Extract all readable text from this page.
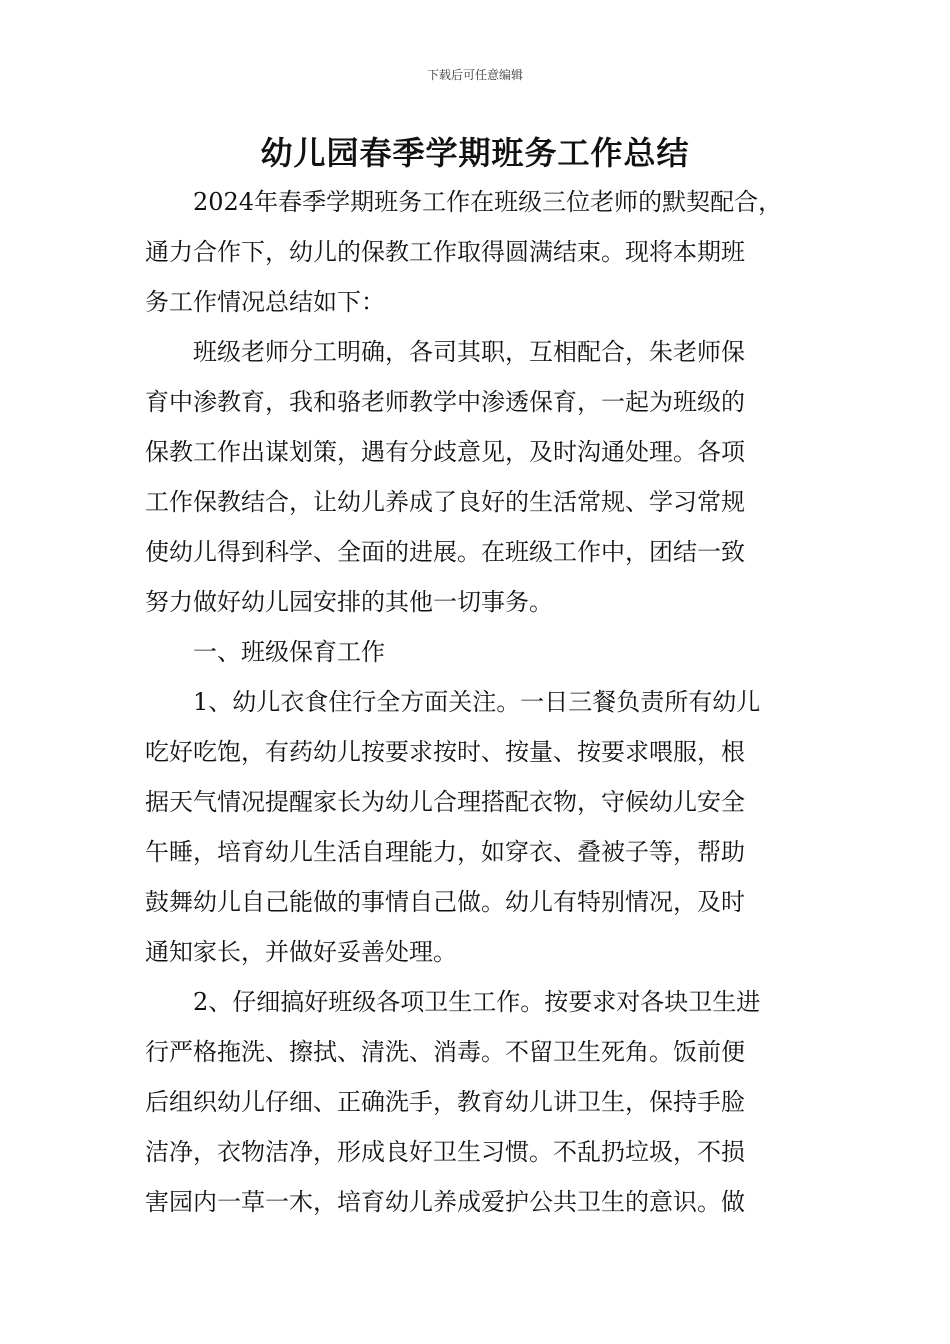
下载后可任意编辑
幼儿园春季学期班务工作总结
　　2024年春季学期班务工作在班级三位老师的默契配合，
通力合作下，幼儿的保教工作取得圆满结束。现将本期班
务工作情况总结如下：
　　班级老师分工明确，各司其职，互相配合，朱老师保
育中渗教育，我和骆老师教学中渗透保育，一起为班级的
保教工作出谋划策，遇有分歧意见，及时沟通处理。各项
工作保教结合，让幼儿养成了良好的生活常规、学习常规
使幼儿得到科学、全面的进展。在班级工作中，团结一致
努力做好幼儿园安排的其他一切事务。
　　一、班级保育工作
　　1、幼儿衣食住行全方面关注。一日三餐负责所有幼儿
吃好吃饱，有药幼儿按要求按时、按量、按要求喂服，根
据天气情况提醒家长为幼儿合理搭配衣物，守候幼儿安全
午睡，培育幼儿生活自理能力，如穿衣、叠被子等，帮助
鼓舞幼儿自己能做的事情自己做。幼儿有特别情况，及时
通知家长，并做好妥善处理。
　　2、仔细搞好班级各项卫生工作。按要求对各块卫生进
行严格拖洗、擦拭、清洗、消毒。不留卫生死角。饭前便
后组织幼儿仔细、正确洗手，教育幼儿讲卫生，保持手脸
洁净，衣物洁净，形成良好卫生习惯。不乱扔垃圾，不损
害园内一草一木，培育幼儿养成爱护公共卫生的意识。做
